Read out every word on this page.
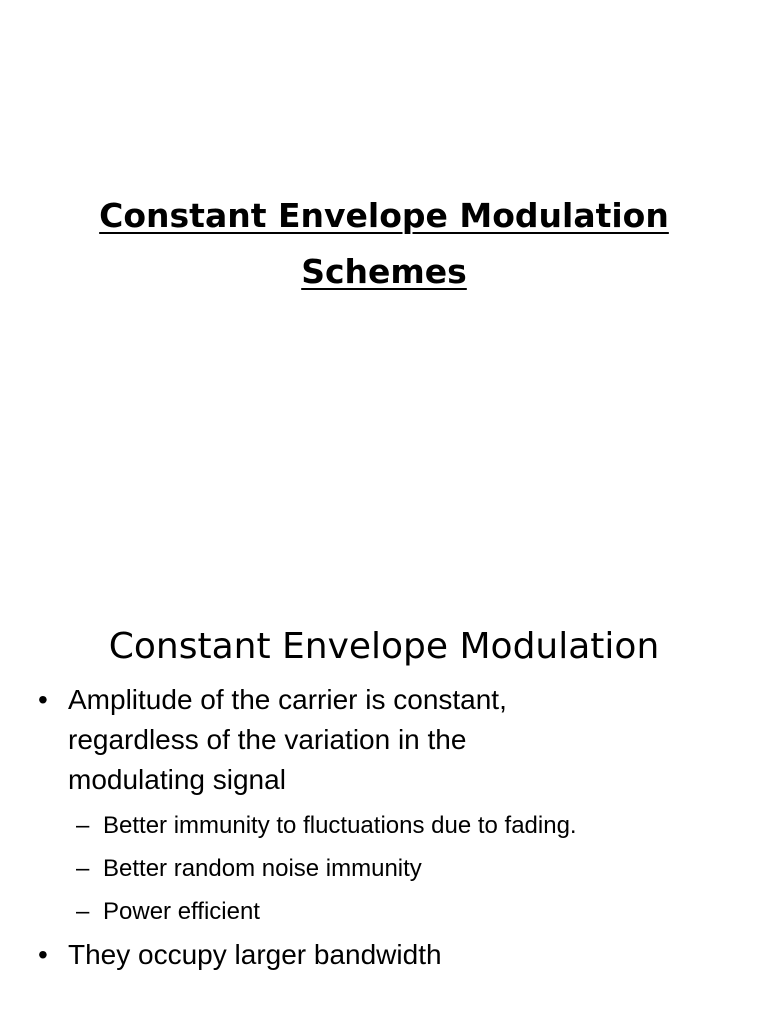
Constant Envelope Modulation
Schemes
Constant Envelope Modulation
• Amplitude of the carrier is constant,
regardless of the variation in the
modulating signal
– Better immunity to fluctuations due to fading.
– Better random noise immunity
– Power efficient
• They occupy larger bandwidth
